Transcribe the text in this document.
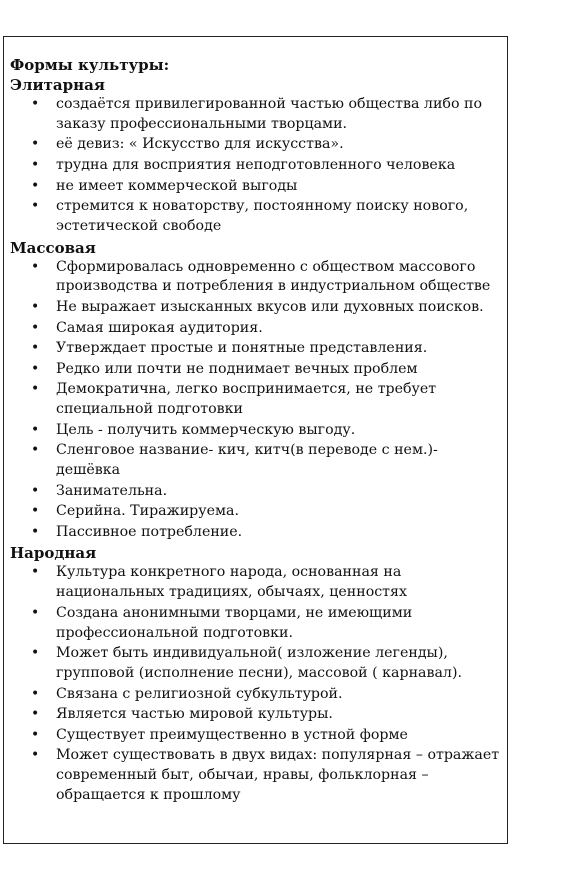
Формы культуры:

Элитарная

• создаётся привилегированной частью общества либо по заказу профессиональными творцами.
• её девиз: « Искусство для искусства».
• трудна для восприятия неподготовленного человека
• не имеет коммерческой выгоды
• стремится к новаторству, постоянному поиску нового, эстетической свободе

Массовая

• Сформировалась одновременно с обществом массового производства и потребления в индустриальном обществе
• Не выражает изысканных вкусов или духовных поисков.
• Самая широкая аудитория.
• Утверждает простые и понятные представления.
• Редко или почти не поднимает вечных проблем
• Демократична, легко воспринимается, не требует специальной подготовки
• Цель - получить коммерческую выгоду.
• Сленговое название- кич, китч(в переводе с нем.)- дешёвка
• Занимательна.
• Серийна. Тиражируема.
• Пассивное потребление.

Народная

• Культура конкретного народа, основанная на национальных традициях, обычаях, ценностях
• Создана анонимными творцами, не имеющими профессиональной подготовки.
• Может быть индивидуальной( изложение легенды), групповой (исполнение песни), массовой ( карнавал).
• Связана с религиозной субкультурой.
• Является частью мировой культуры.
• Существует преимущественно в устной форме
• Может существовать в двух видах: популярная – отражает современный быт, обычаи, нравы, фольклорная – обращается к прошлому
